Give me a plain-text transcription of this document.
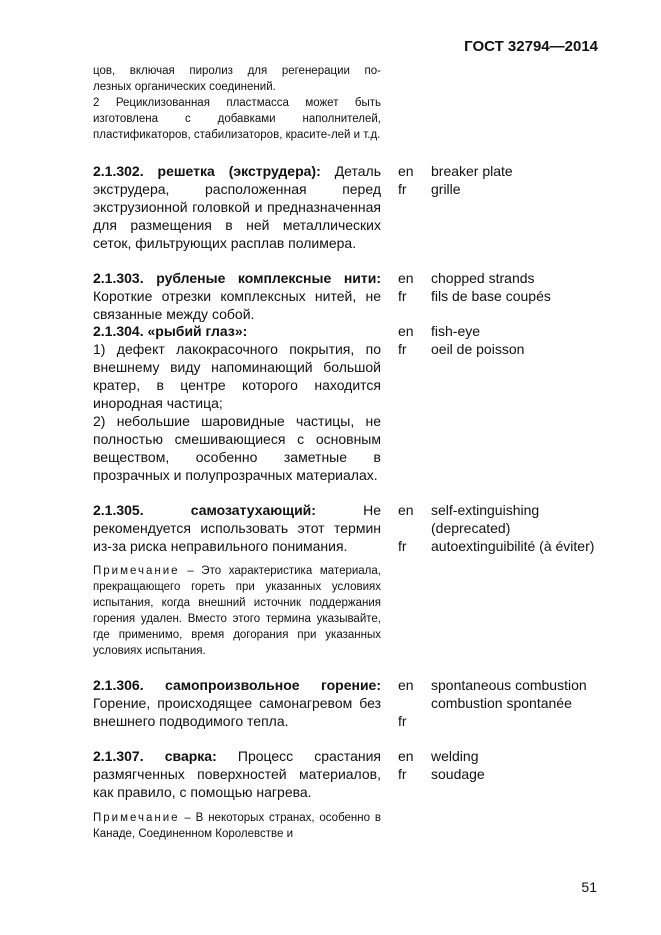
ГОСТ 32794—2014
цов, включая пиролиз для регенерации по-
лезных органических соединений.
2 Рециклизованная пластмасса может быть изготовлена с добавками наполнителей, пластификаторов, стабилизаторов, красите-лей и т.д.
2.1.302. решетка (экструдера): Деталь экструдера, расположенная перед экструзионной головкой и предназначенная для размещения в ней металлических сеток, фильтрующих расплав полимера.
en
fr
breaker plate
grille
2.1.303. рубленые комплексные нити: Короткие отрезки комплексных нитей, не связанные между собой.
en
fr
chopped strands
fils de base coupés
2.1.304. «рыбий глаз»:
1) дефект лакокрасочного покрытия, по внешнему виду напоминающий большой кратер, в центре которого находится инородная частица;
2) небольшие шаровидные частицы, не полностью смешивающиеся с основным веществом, особенно заметные в прозрачных и полупрозрачных материалах.
en
fr
fish-eye
oeil de poisson
2.1.305.	самозатухающий:	Не рекомендуется использовать этот термин из-за риска неправильного понимания.
Примечание – Это характеристика материала, прекращающего гореть при указанных условиях испытания, когда внешний источник поддержания горения удален. Вместо этого термина указывайте, где применимо, время догорания при указанных условиях испытания.
en
fr
self-extinguishing (deprecated)
autoextinguibilité (à éviter)
2.1.306. самопроизвольное горение: Горение, происходящее самонагревом без внешнего подводимого тепла.
en
fr
spontaneous combustion
combustion spontanée
2.1.307. сварка: Процесс срастания размягченных поверхностей материалов, как правило, с помощью нагрева.
Примечание – В некоторых странах, особенно в Канаде, Соединенном Королевстве и
en
fr
welding
soudage
51
